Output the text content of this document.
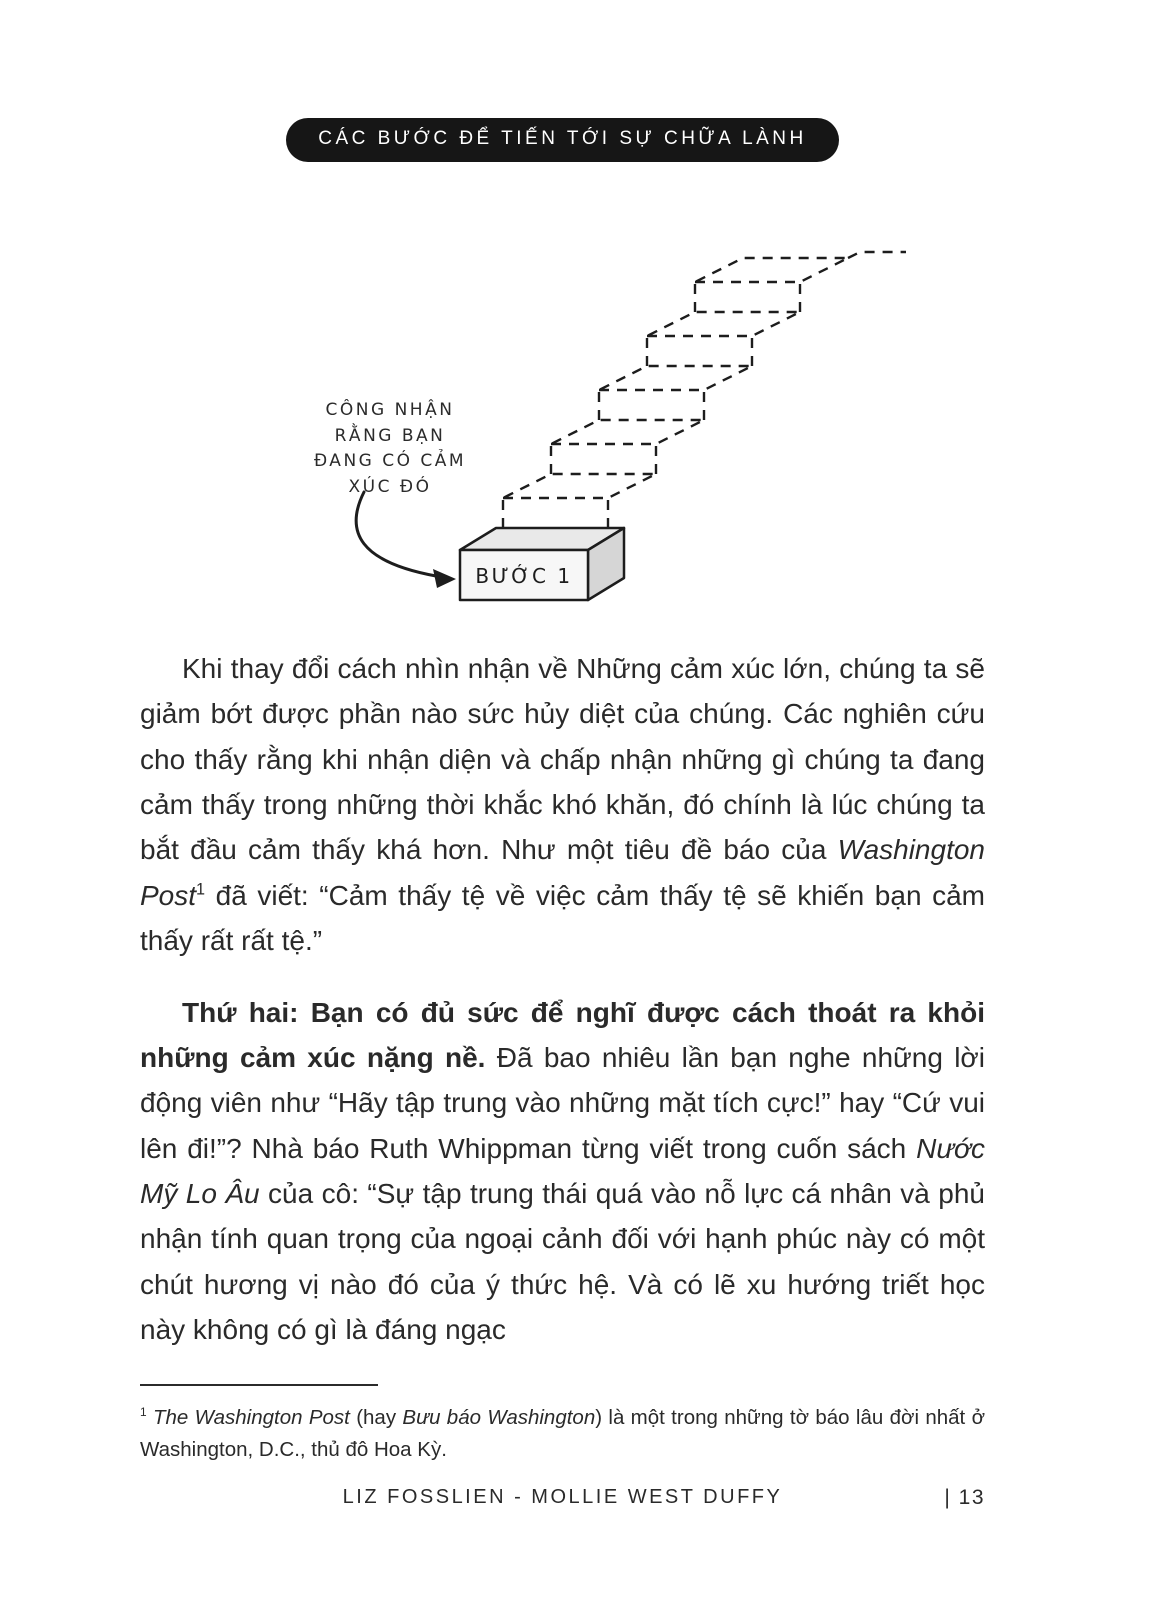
CÁC BƯỚC ĐỂ TIẾN TỚI SỰ CHỮA LÀNH
CÔNG NHẬN
RẰNG BẠN
ĐANG CÓ CẢM
XÚC ĐÓ
BƯỚC 1

Khi thay đổi cách nhìn nhận về Những cảm xúc lớn, chúng ta sẽ giảm bớt được phần nào sức hủy diệt của chúng. Các nghiên cứu cho thấy rằng khi nhận diện và chấp nhận những gì chúng ta đang cảm thấy trong những thời khắc khó khăn, đó chính là lúc chúng ta bắt đầu cảm thấy khá hơn. Như một tiêu đề báo của Washington Post$^1$ đã viết: “Cảm thấy tệ về việc cảm thấy tệ sẽ khiến bạn cảm thấy rất rất tệ.”

Thứ hai: Bạn có đủ sức để nghĩ được cách thoát ra khỏi những cảm xúc nặng nề. Đã bao nhiêu lần bạn nghe những lời động viên như “Hãy tập trung vào những mặt tích cực!” hay “Cứ vui lên đi!”? Nhà báo Ruth Whippman từng viết trong cuốn sách Nước Mỹ Lo Âu của cô: “Sự tập trung thái quá vào nỗ lực cá nhân và phủ nhận tính quan trọng của ngoại cảnh đối với hạnh phúc này có một chút hương vị nào đó của ý thức hệ. Và có lẽ xu hướng triết học này không có gì là đáng ngạc

$^1$ The Washington Post (hay Bưu báo Washington) là một trong những tờ báo lâu đời nhất ở Washington, D.C., thủ đô Hoa Kỳ.

LIZ FOSSLIEN - MOLLIE WEST DUFFY	| 13
